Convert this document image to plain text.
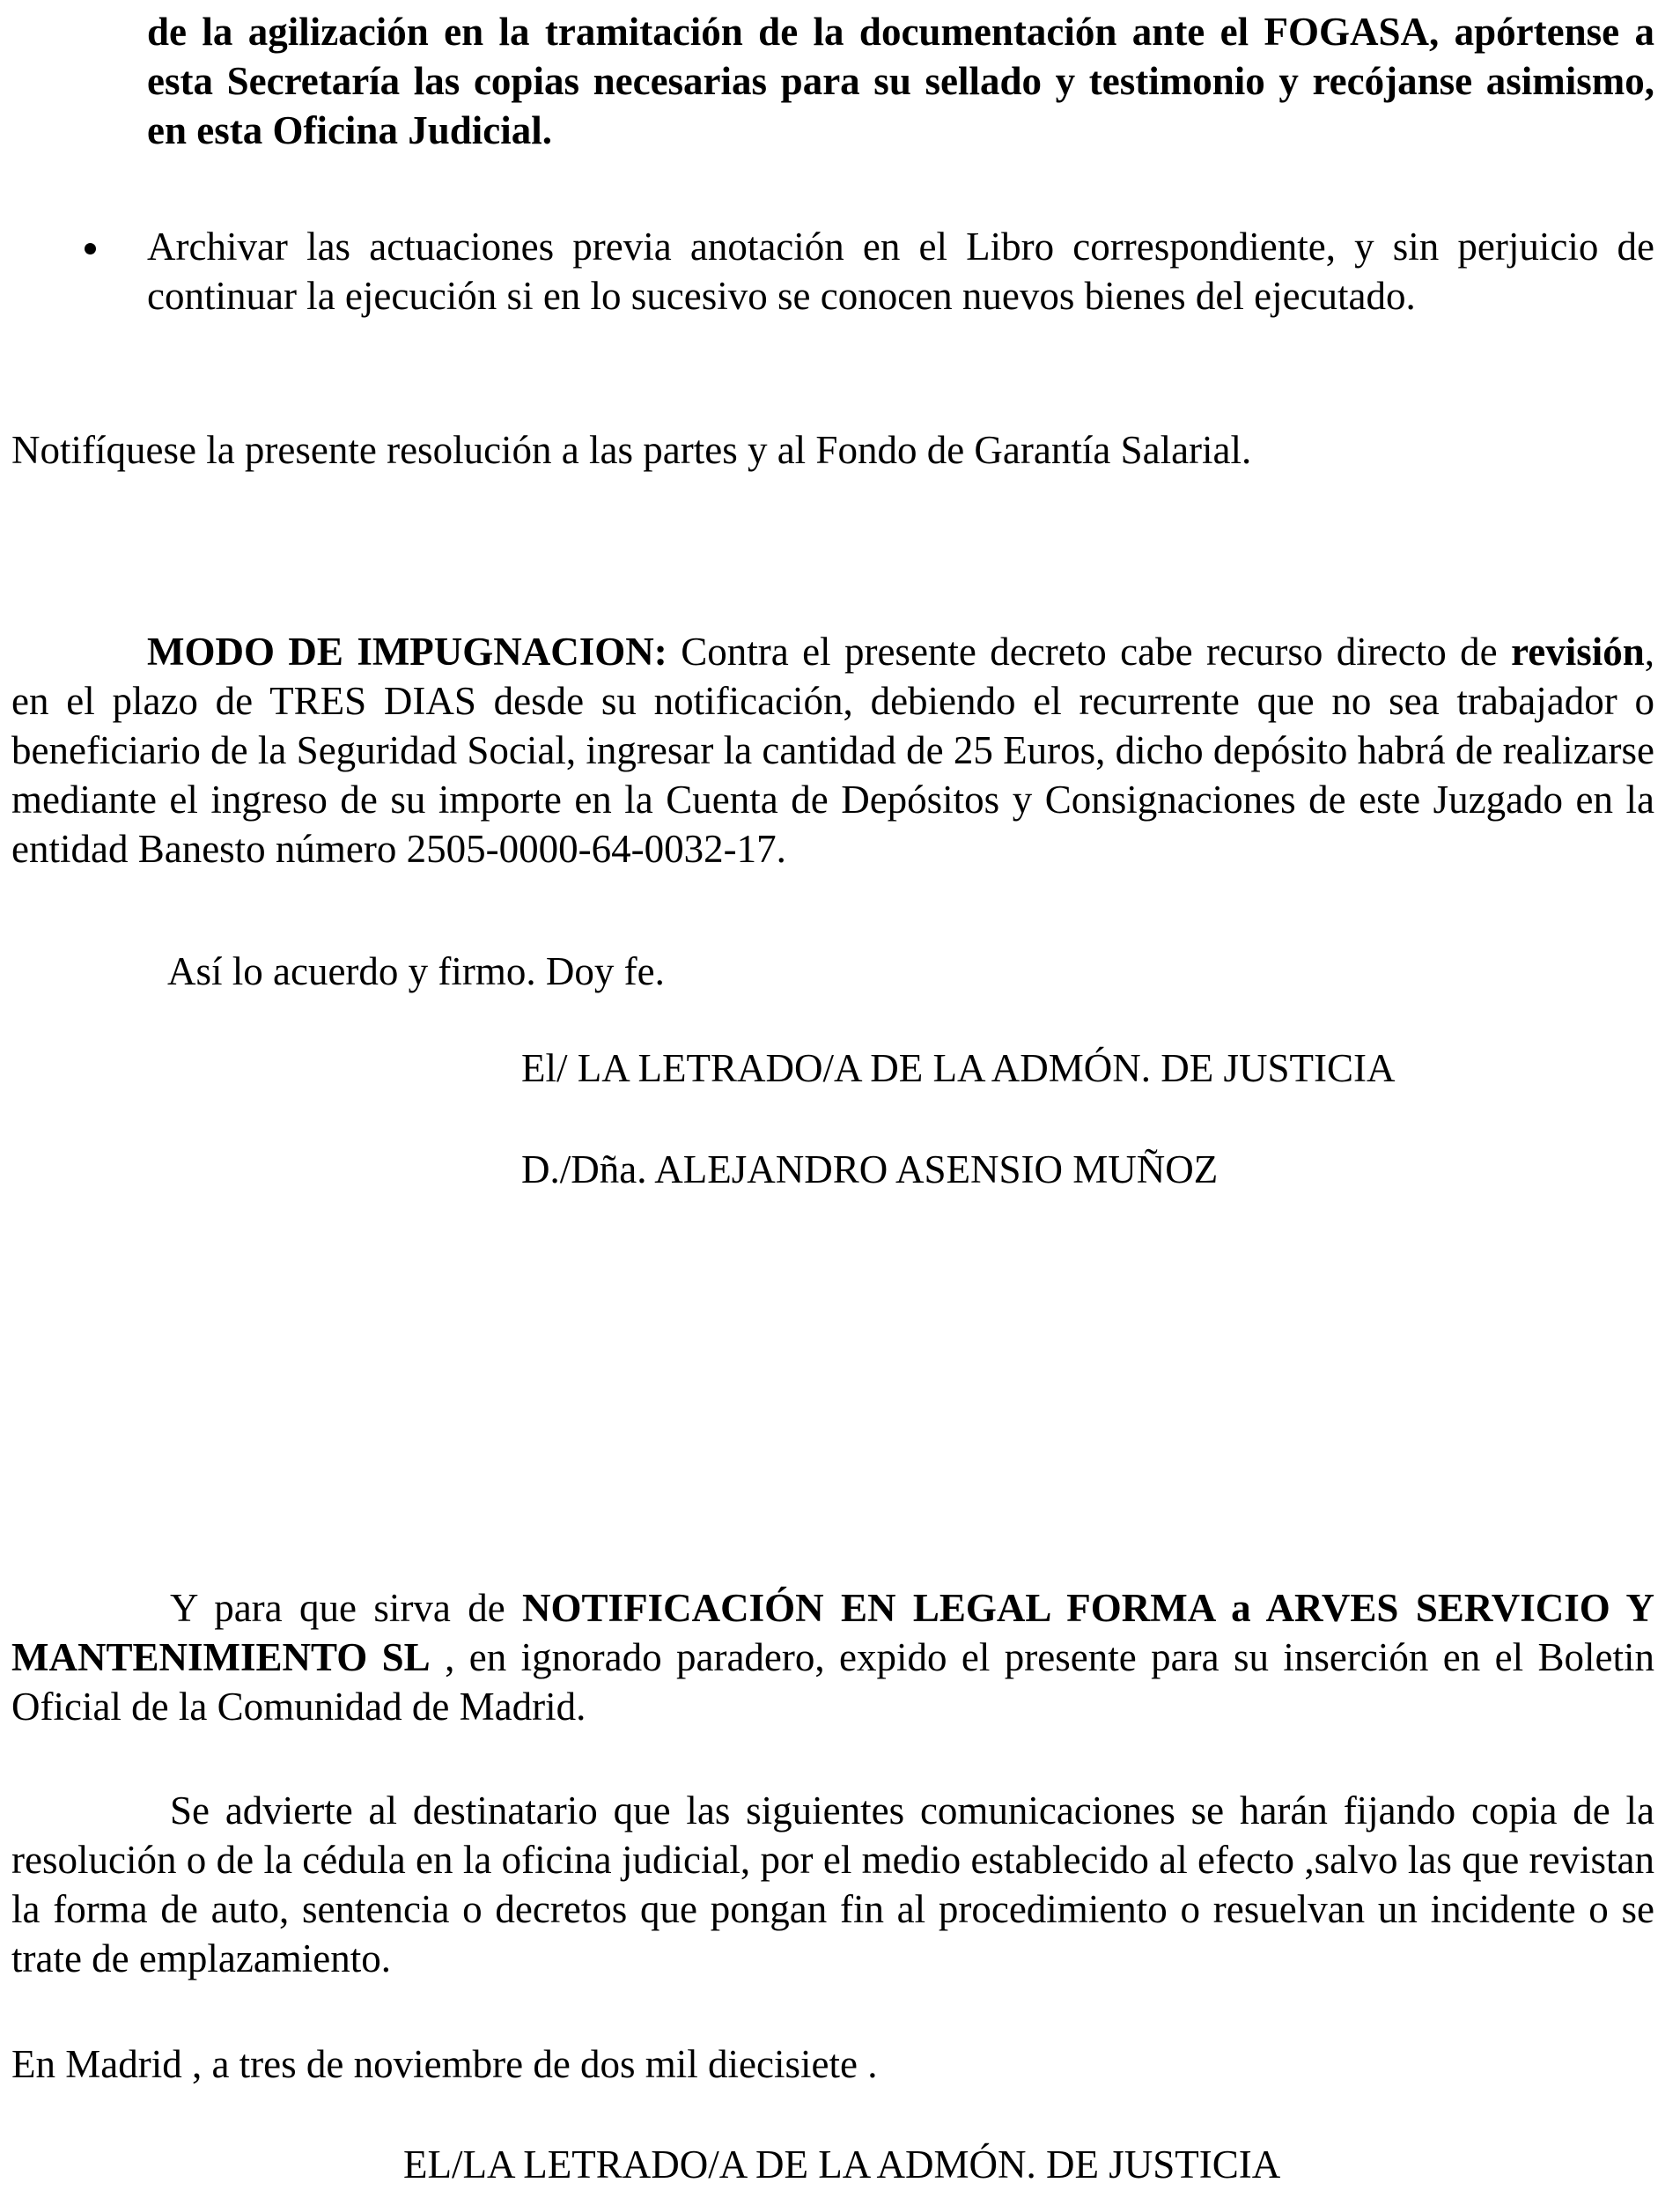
de la agilización en la tramitación de la documentación ante el FOGASA, apórtense a esta Secretaría las copias necesarias para su sellado y testimonio y recójanse asimismo, en esta Oficina Judicial.

Archivar las actuaciones previa anotación en el Libro correspondiente, y sin perjuicio de continuar la ejecución si en lo sucesivo se conocen nuevos bienes del ejecutado.

Notifíquese la presente resolución a las partes y al Fondo de Garantía Salarial.

MODO DE IMPUGNACION: Contra el presente decreto cabe recurso directo de revisión, en el plazo de TRES DIAS desde su notificación, debiendo el recurrente que no sea trabajador o beneficiario de la Seguridad Social, ingresar la cantidad de 25 Euros, dicho depósito habrá de realizarse mediante el ingreso de su importe en la Cuenta de Depósitos y Consignaciones de este Juzgado en la entidad Banesto número 2505-0000-64-0032-17.

Así lo acuerdo y firmo. Doy fe.

El/ LA LETRADO/A DE LA ADMÓN. DE JUSTICIA

D./Dña. ALEJANDRO ASENSIO MUÑOZ

Y para que sirva de NOTIFICACIÓN EN LEGAL FORMA a ARVES SERVICIO Y MANTENIMIENTO SL , en ignorado paradero, expido el presente para su inserción en el Boletin Oficial de la Comunidad de Madrid.

Se advierte al destinatario que las siguientes comunicaciones se harán fijando copia de la resolución o de la cédula en la oficina judicial, por el medio establecido al efecto ,salvo las que revistan la forma de auto, sentencia o decretos que pongan fin al procedimiento o resuelvan un incidente o se trate de emplazamiento.

En Madrid , a tres de noviembre de dos mil diecisiete .

EL/LA LETRADO/A DE LA ADMÓN. DE JUSTICIA
